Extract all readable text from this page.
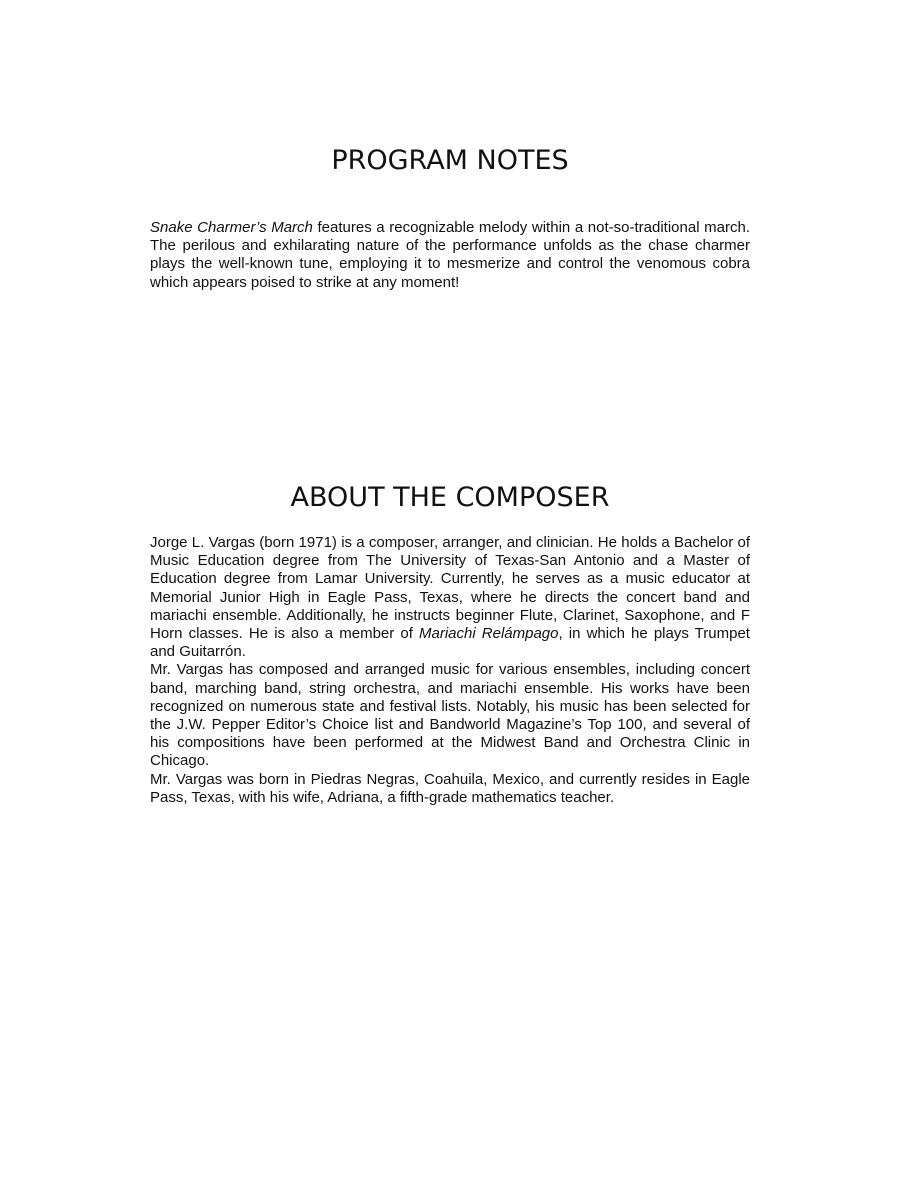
PROGRAM NOTES

Snake Charmer’s March features a recognizable melody within a not-so-traditional march. The perilous and exhilarating nature of the performance unfolds as the chase charmer plays the well-known tune, employing it to mesmerize and control the venomous cobra which appears poised to strike at any moment!

ABOUT THE COMPOSER

Jorge L. Vargas (born 1971) is a composer, arranger, and clinician. He holds a Bachelor of Music Education degree from The University of Texas-San Antonio and a Master of Education degree from Lamar University. Currently, he serves as a music educator at Memorial Junior High in Eagle Pass, Texas, where he directs the concert band and mariachi ensemble. Additionally, he instructs beginner Flute, Clarinet, Saxophone, and F Horn classes. He is also a member of Mariachi Relámpago, in which he plays Trumpet and Guitarrón.

Mr. Vargas has composed and arranged music for various ensembles, including concert band, marching band, string orchestra, and mariachi ensemble. His works have been recognized on numerous state and festival lists. Notably, his music has been selected for the J.W. Pepper Editor’s Choice list and Bandworld Magazine’s Top 100, and several of his compositions have been performed at the Midwest Band and Orchestra Clinic in Chicago.

Mr. Vargas was born in Piedras Negras, Coahuila, Mexico, and currently resides in Eagle Pass, Texas, with his wife, Adriana, a fifth-grade mathematics teacher.
